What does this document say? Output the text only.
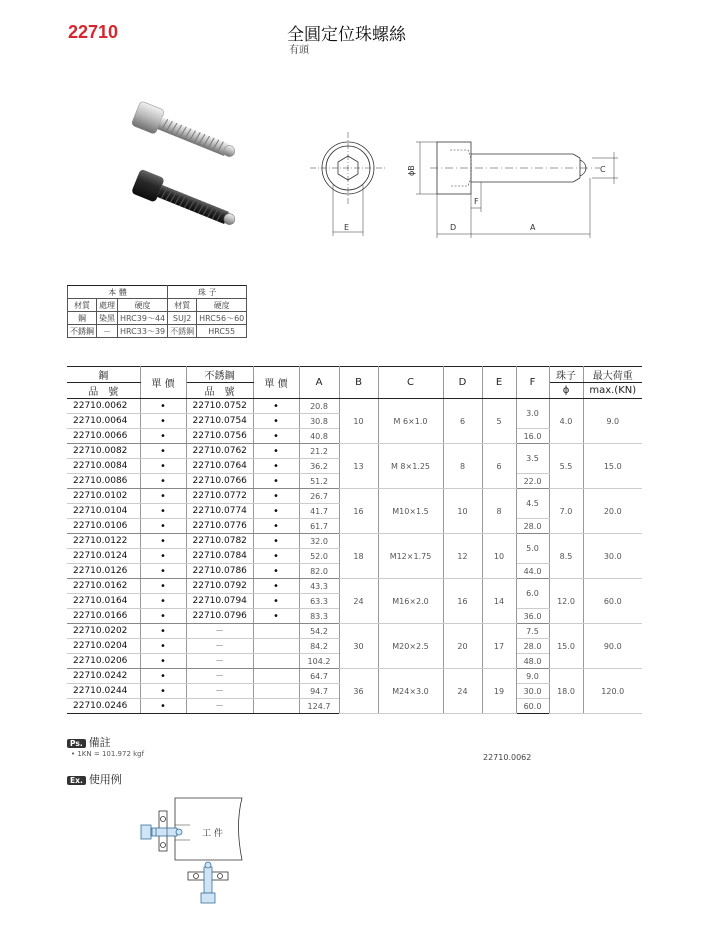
22710	全圓定位珠螺絲
有頭
E	D	A
F
C
ϕB
本 體			珠 子	
材質	處理	硬度	材質	硬度
鋼	染黑	HRC39～44	SUJ2	HRC56～60
不銹鋼	－	HRC33～39	不銹鋼	HRC55
鋼	單 價	不銹鋼	單 價	A	B	C	D	E	F	珠子	最大荷重
品　號		品　號								ϕ	max.(KN)
22710.0062	•	22710.0752	•	20.8	10	M 6×1.0	6	5	3.0	4.0	9.0
22710.0064	•	22710.0754	•	30.8							
22710.0066	•	22710.0756	•	40.8					16.0		
22710.0082	•	22710.0762	•	21.2	13	M 8×1.25	8	6	3.5	5.5	15.0
22710.0084	•	22710.0764	•	36.2							
22710.0086	•	22710.0766	•	51.2					22.0		
22710.0102	•	22710.0772	•	26.7	16	M10×1.5	10	8	4.5	7.0	20.0
22710.0104	•	22710.0774	•	41.7							
22710.0106	•	22710.0776	•	61.7					28.0		
22710.0122	•	22710.0782	•	32.0	18	M12×1.75	12	10	5.0	8.5	30.0
22710.0124	•	22710.0784	•	52.0							
22710.0126	•	22710.0786	•	82.0					44.0		
22710.0162	•	22710.0792	•	43.3	24	M16×2.0	16	14	6.0	12.0	60.0
22710.0164	•	22710.0794	•	63.3							
22710.0166	•	22710.0796	•	83.3					36.0		
22710.0202	•	－		54.2	30	M20×2.5	20	17	7.5	15.0	90.0
22710.0204	•	－		84.2					28.0		
22710.0206	•	－		104.2					48.0		
22710.0242	•	－		64.7	36	M24×3.0	24	19	9.0	18.0	120.0
22710.0244	•	－		94.7					30.0		
22710.0246	•	－		124.7					60.0		
Ps. 備註
• 1KN = 101.972 kgf	22710.0062
Ex. 使用例
工 件
